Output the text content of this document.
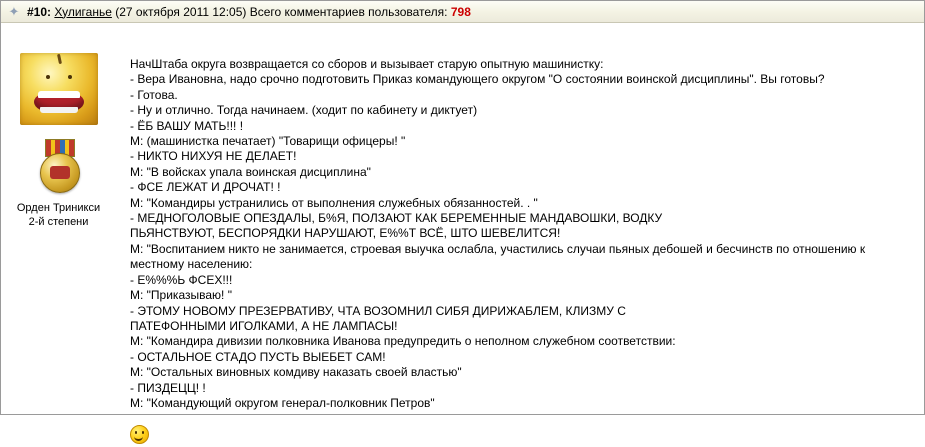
✦ #10: Хулиганье (27 октября 2011 12:05) Всего комментариев пользователя: 798
Орден Триникси
2-й степени
НачШтаба округа возвращается со сборов и вызывает старую опытную машинистку:
- Вера Ивановна, надо срочно подготовить Приказ командующего округом "О состоянии воинской дисциплины". Вы готовы?
- Готова.
- Ну и отлично. Тогда начинаем. (ходит по кабинету и диктует)
- ЁБ ВАШУ МАТЬ!!! !
М: (машинистка печатает) "Товарищи офицеры! "
- НИКТО НИХУЯ НЕ ДЕЛАЕТ!
М: "В войсках упала воинская дисциплина"
- ФСЕ ЛЕЖАТ И ДРОЧАТ! !
М: "Командиры устранились от выполнения служебных обязанностей. . "
- МЕДНОГОЛОВЫЕ ОПЕЗДАЛЫ, Б%Я, ПОЛЗАЮТ КАК БЕРЕМЕННЫЕ МАНДАВОШКИ, ВОДКУ
ПЬЯНСТВУЮТ, БЕСПОРЯДКИ НАРУШАЮТ, Е%%Т ВСЁ, ШТО ШЕВЕЛИТСЯ!
М: "Воспитанием никто не занимается, строевая выучка ослабла, участились случаи пьяных дебошей и бесчинств по отношению к местному населению:
- Е%%%Ь ФСЕХ!!!
М: "Приказываю! "
- ЭТОМУ НОВОМУ ПРЕЗЕРВАТИВУ, ЧТА ВОЗОМНИЛ СИБЯ ДИРИЖАБЛЕМ, КЛИЗМУ С
ПАТЕФОННЫМИ ИГОЛКАМИ, А НЕ ЛАМПАСЫ!
М: "Командира дивизии полковника Иванова предупредить о неполном служебном соответствии:
- ОСТАЛЬНОЕ СТАДО ПУСТЬ ВЫЕБЕТ САМ!
М: "Остальных виновных комдиву наказать своей властью"
- ПИЗДЕЦЦ! !
М: "Командующий округом генерал-полковник Петров"
